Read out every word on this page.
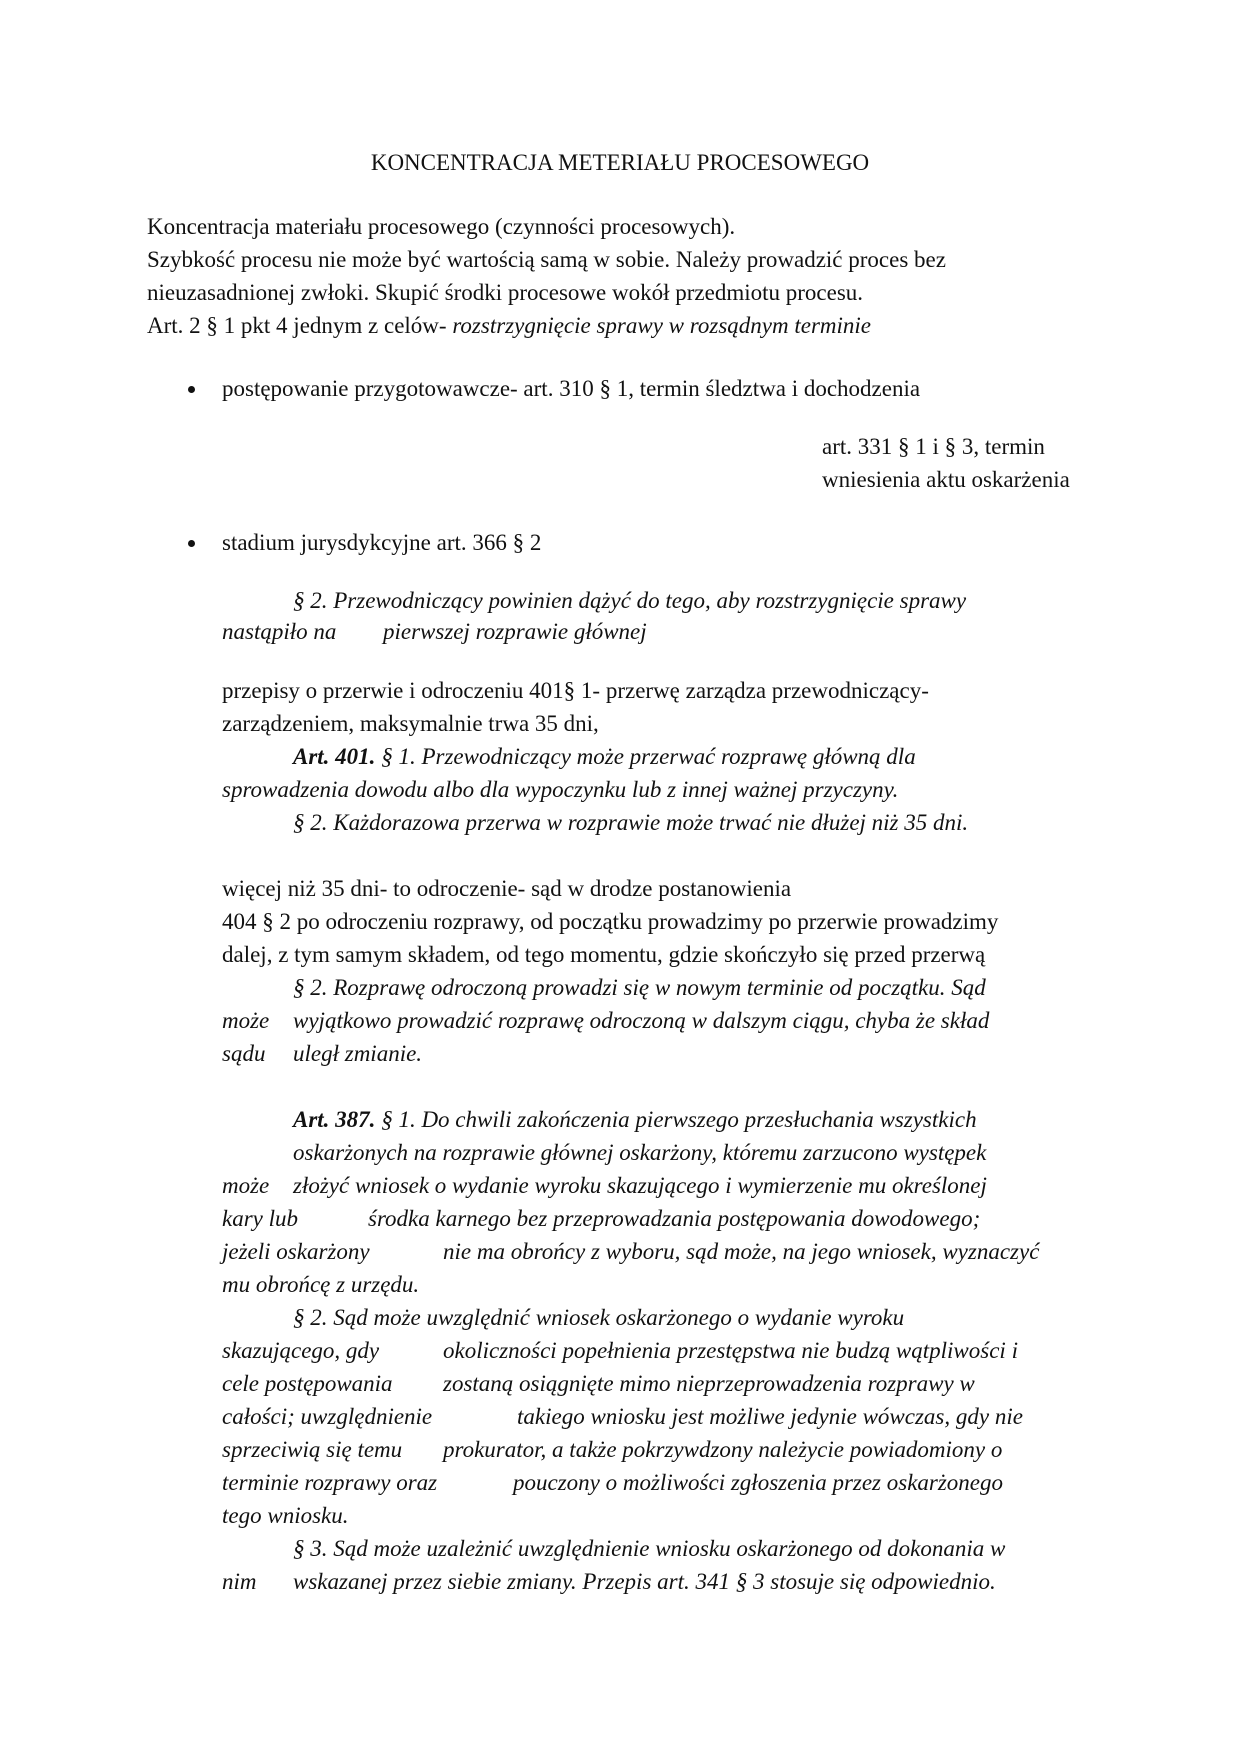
KONCENTRACJA METERIAŁU PROCESOWEGO
Koncentracja materiału procesowego (czynności procesowych).
Szybkość procesu nie może być wartością samą w sobie. Należy prowadzić proces bez
nieuzasadnionej zwłoki. Skupić środki procesowe wokół przedmiotu procesu.
Art. 2 § 1 pkt 4 jednym z celów- rozstrzygnięcie sprawy w rozsądnym terminie
postępowanie przygotowawcze- art. 310 § 1, termin śledztwa i dochodzenia
art. 331 § 1 i § 3, termin
wniesienia aktu oskarżenia
stadium jurysdykcyjne art. 366 § 2
§ 2. Przewodniczący powinien dążyć do tego, aby rozstrzygnięcie sprawy
nastąpiło na pierwszej rozprawie głównej
przepisy o przerwie i odroczeniu 401§ 1- przerwę zarządza przewodniczący-
zarządzeniem, maksymalnie trwa 35 dni,
Art. 401. § 1. Przewodniczący może przerwać rozprawę główną dla
sprowadzenia dowodu albo dla wypoczynku lub z innej ważnej przyczyny.
§ 2. Każdorazowa przerwa w rozprawie może trwać nie dłużej niż 35 dni.
więcej niż 35 dni- to odroczenie- sąd w drodze postanowienia
404 § 2 po odroczeniu rozprawy, od początku prowadzimy po przerwie prowadzimy
dalej, z tym samym składem, od tego momentu, gdzie skończyło się przed przerwą
§ 2. Rozprawę odroczoną prowadzi się w nowym terminie od początku. Sąd
może wyjątkowo prowadzić rozprawę odroczoną w dalszym ciągu, chyba że skład
sądu uległ zmianie.
Art. 387. § 1. Do chwili zakończenia pierwszego przesłuchania wszystkich
oskarżonych na rozprawie głównej oskarżony, któremu zarzucono występek
może złożyć wniosek o wydanie wyroku skazującego i wymierzenie mu określonej
kary lub	środka karnego bez przeprowadzania postępowania dowodowego;
jeżeli oskarżony	nie ma obrońcy z wyboru, sąd może, na jego wniosek, wyznaczyć
mu obrońcę z urzędu.
§ 2. Sąd może uwzględnić wniosek oskarżonego o wydanie wyroku
skazującego, gdy	okoliczności popełnienia przestępstwa nie budzą wątpliwości i
cele postępowania zostaną osiągnięte mimo nieprzeprowadzenia rozprawy w
całości; uwzględnienie	takiego wniosku jest możliwe jedynie wówczas, gdy nie
sprzeciwią się temu prokurator, a także pokrzywdzony należycie powiadomiony o
terminie rozprawy oraz	pouczony o możliwości zgłoszenia przez oskarżonego
tego wniosku.
§ 3. Sąd może uzależnić uwzględnienie wniosku oskarżonego od dokonania w
nim wskazanej przez siebie zmiany. Przepis art. 341 § 3 stosuje się odpowiednio.
